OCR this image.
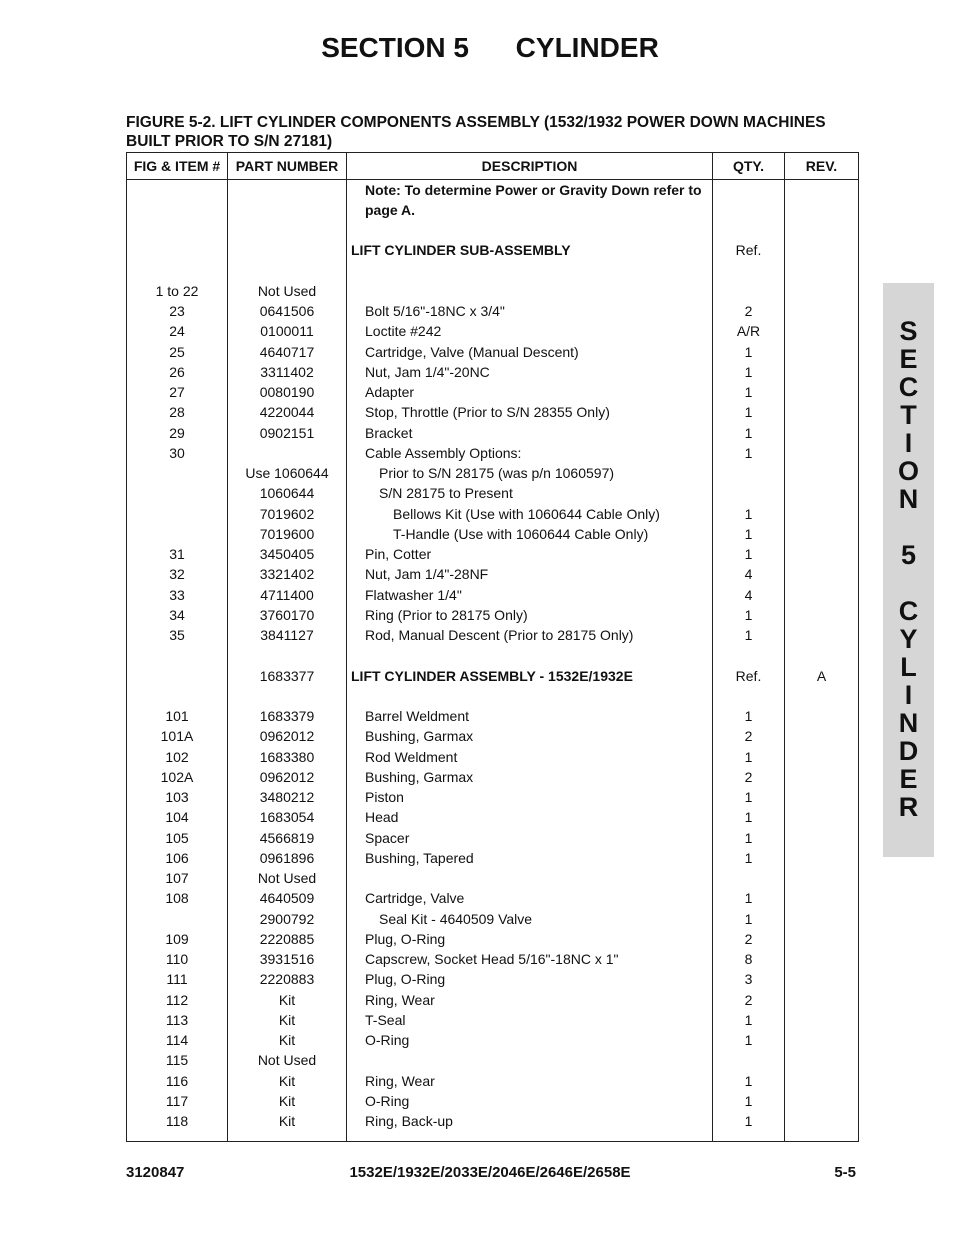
SECTION 5      CYLINDER
FIGURE 5-2. LIFT CYLINDER COMPONENTS ASSEMBLY (1532/1932 POWER DOWN MACHINES BUILT PRIOR TO S/N 27181)
FIG & ITEM #	PART NUMBER	DESCRIPTION	QTY.	REV.
		Note: To determine Power or Gravity Down refer to page A.		

		LIFT CYLINDER SUB-ASSEMBLY	Ref.	

1 to 22	Not Used			
23	0641506	Bolt 5/16"-18NC x 3/4"	2	
24	0100011	Loctite #242	A/R	
25	4640717	Cartridge, Valve (Manual Descent)	1	
26	3311402	Nut, Jam 1/4"-20NC	1	
27	0080190	Adapter	1	
28	4220044	Stop, Throttle (Prior to S/N 28355 Only)	1	
29	0902151	Bracket	1	
30		Cable Assembly Options:	1	
	Use 1060644	Prior to S/N 28175 (was p/n 1060597)		
	1060644	S/N 28175 to Present		
	7019602	Bellows Kit (Use with 1060644 Cable Only)	1	
	7019600	T-Handle (Use with 1060644 Cable Only)	1	
31	3450405	Pin, Cotter	1	
32	3321402	Nut, Jam 1/4"-28NF	4	
33	4711400	Flatwasher 1/4"	4	
34	3760170	Ring (Prior to 28175 Only)	1	
35	3841127	Rod, Manual Descent (Prior to 28175 Only)	1	

	1683377	LIFT CYLINDER ASSEMBLY - 1532E/1932E	Ref.	A

101	1683379	Barrel Weldment	1	
101A	0962012	Bushing, Garmax	2	
102	1683380	Rod Weldment	1	
102A	0962012	Bushing, Garmax	2	
103	3480212	Piston	1	
104	1683054	Head	1	
105	4566819	Spacer	1	
106	0961896	Bushing, Tapered	1	
107	Not Used			
108	4640509	Cartridge, Valve	1	
	2900792	Seal Kit - 4640509 Valve	1	
109	2220885	Plug, O-Ring	2	
110	3931516	Capscrew, Socket Head 5/16"-18NC x 1"	8	
111	2220883	Plug, O-Ring	3	
112	Kit	Ring, Wear	2	
113	Kit	T-Seal	1	
114	Kit	O-Ring	1	
115	Not Used			
116	Kit	Ring, Wear	1	
117	Kit	O-Ring	1	
118	Kit	Ring, Back-up	1	
S
E
C
T
I
O
N

5

C
Y
L
I
N
D
E
R
3120847	1532E/1932E/2033E/2046E/2646E/2658E	5-5
